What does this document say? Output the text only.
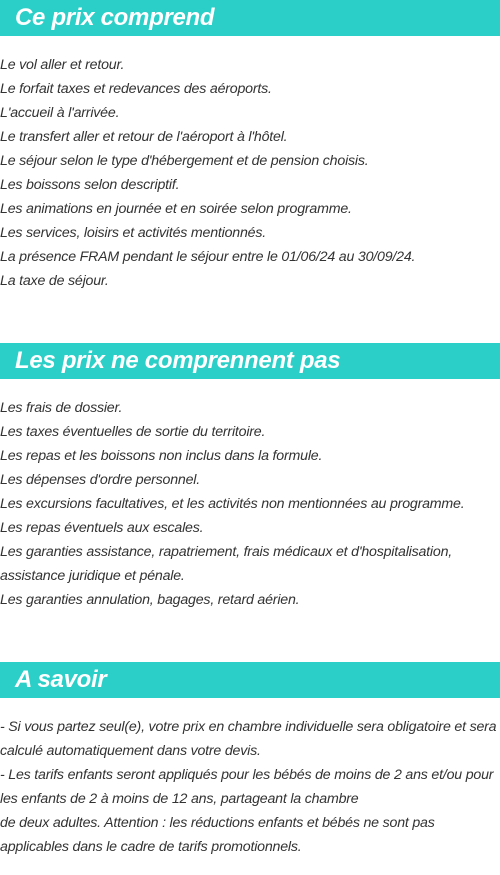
Ce prix comprend
Le vol aller et retour.
Le forfait taxes et redevances des aéroports.
L'accueil à l'arrivée.
Le transfert aller et retour de l'aéroport à l'hôtel.
Le séjour selon le type d'hébergement et de pension choisis.
Les boissons selon descriptif.
Les animations en journée et en soirée selon programme.
Les services, loisirs et activités mentionnés.
La présence FRAM pendant le séjour entre le 01/06/24 au 30/09/24.
La taxe de séjour.
Les prix ne comprennent pas
Les frais de dossier.
Les taxes éventuelles de sortie du territoire.
Les repas et les boissons non inclus dans la formule.
Les dépenses d'ordre personnel.
Les excursions facultatives, et les activités non mentionnées au programme.
Les repas éventuels aux escales.
Les garanties assistance, rapatriement, frais médicaux et d'hospitalisation, assistance juridique et pénale.
Les garanties annulation, bagages, retard aérien.
A savoir
- Si vous partez seul(e), votre prix en chambre individuelle sera obligatoire et sera calculé automatiquement dans votre devis.
- Les tarifs enfants seront appliqués pour les bébés de moins de 2 ans et/ou pour les enfants de 2 à moins de 12 ans, partageant la chambre
de deux adultes. Attention : les réductions enfants et bébés ne sont pas applicables dans le cadre de tarifs promotionnels.
